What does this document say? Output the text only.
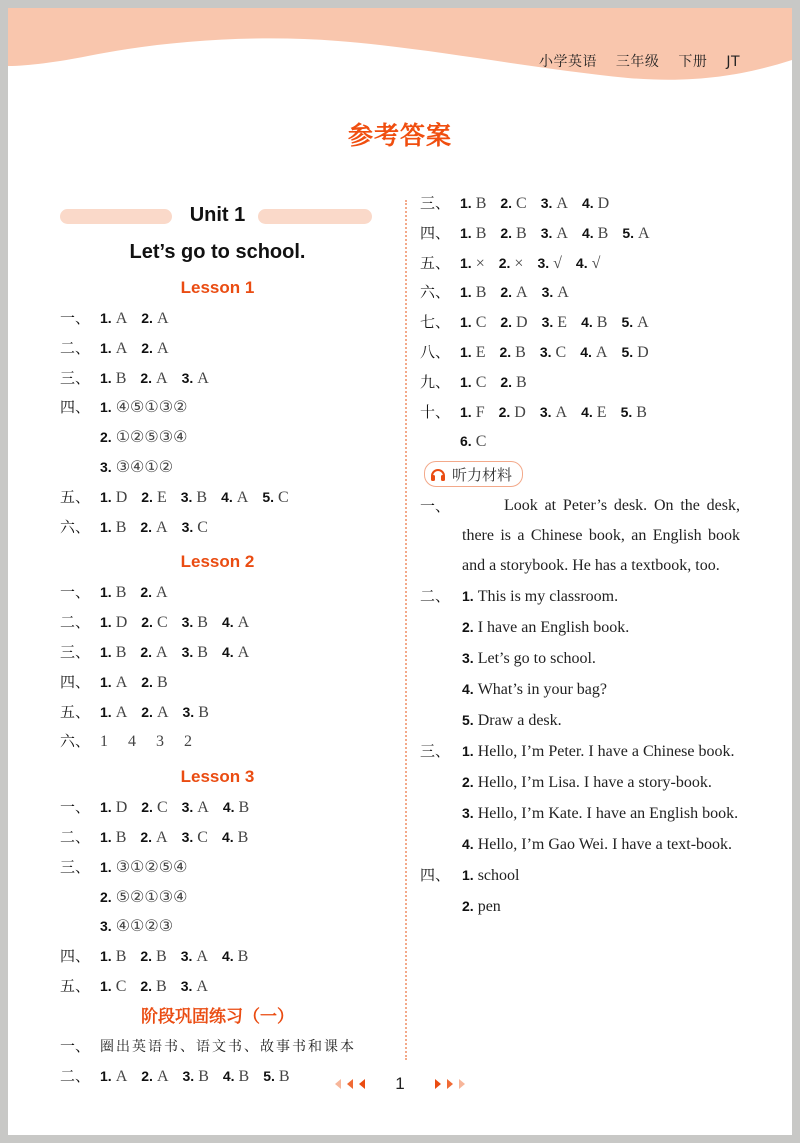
小学英语 三年级 下册 JT
参考答案
Unit 1
Let’s go to school.
Lesson 1
一、 1. A 2. A
二、 1. A 2. A
三、 1. B 2. A 3. A
四、 1. ④⑤①③②
2. ①②⑤③④
3. ③④①②
五、 1. D 2. E 3. B 4. A 5. C
六、 1. B 2. A 3. C
Lesson 2
一、 1. B 2. A
二、 1. D 2. C 3. B 4. A
三、 1. B 2. A 3. B 4. A
四、 1. A 2. B
五、 1. A 2. A 3. B
六、 1 4 3 2
Lesson 3
一、 1. D 2. C 3. A 4. B
二、 1. B 2. A 3. C 4. B
三、 1. ③①②⑤④
2. ⑤②①③④
3. ④①②③
四、 1. B 2. B 3. A 4. B
五、 1. C 2. B 3. A
阶段巩固练习（一）
一、 圈出英语书、语文书、故事书和课本
二、 1. A 2. A 3. B 4. B 5. B
三、 1. B 2. C 3. A 4. D
四、 1. B 2. B 3. A 4. B 5. A
五、 1. × 2. × 3. √ 4. √
六、 1. B 2. A 3. A
七、 1. C 2. D 3. E 4. B 5. A
八、 1. E 2. B 3. C 4. A 5. D
九、 1. C 2. B
十、 1. F 2. D 3. A 4. E 5. B
6. C
听力材料
一、	Look at Peter’s desk. On the desk, there is a Chinese book, an English book and a storybook. He has a textbook, too.
二、 1. This is my classroom.
2. I have an English book.
3. Let’s go to school.
4. What’s in your bag?
5. Draw a desk.
三、 1. Hello, I’m Peter. I have a Chinese book.
2. Hello, I’m Lisa. I have a story-book.
3. Hello, I’m Kate. I have an English book.
4. Hello, I’m Gao Wei. I have a text-book.
四、 1. school
2. pen
1
